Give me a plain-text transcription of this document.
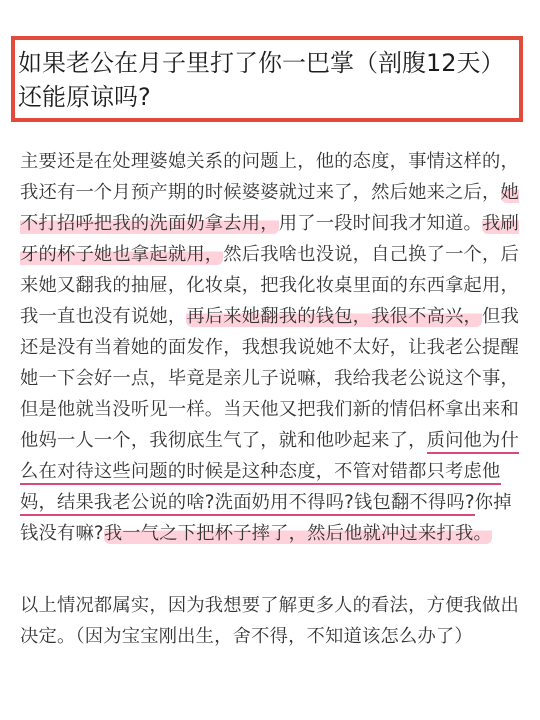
如果老公在月子里打了你一巴掌（剖腹12天）还能原谅吗?

主要还是在处理婆媳关系的问题上，他的态度，事情这样的，我还有一个月预产期的时候婆婆就过来了，然后她来之后，她不打招呼把我的洗面奶拿去用，用了一段时间我才知道。我刷牙的杯子她也拿起就用，然后我啥也没说，自己换了一个，后来她又翻我的抽屉，化妆桌，把我化妆桌里面的东西拿起用，我一直也没有说她，再后来她翻我的钱包，我很不高兴，但我还是没有当着她的面发作，我想我说她不太好，让我老公提醒她一下会好一点，毕竟是亲儿子说嘛，我给我老公说这个事，但是他就当没听见一样。当天他又把我们新的情侣杯拿出来和他妈一人一个，我彻底生气了，就和他吵起来了，质问他为什么在对待这些问题的时候是这种态度，不管对错都只考虑他妈，结果我老公说的啥?洗面奶用不得吗?钱包翻不得吗?你掉钱没有嘛?我一气之下把杯子摔了，然后他就冲过来打我。

以上情况都属实，因为我想要了解更多人的看法，方便我做出决定。（因为宝宝刚出生，舍不得，不知道该怎么办了）
